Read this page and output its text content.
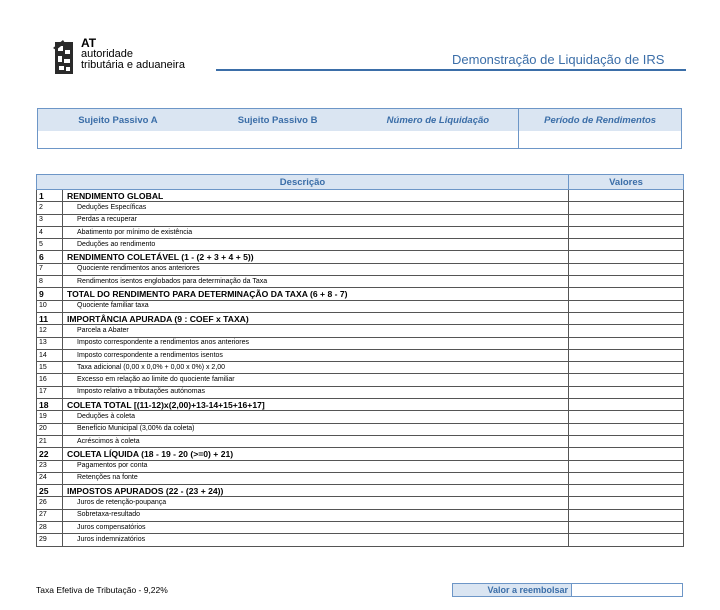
AT
autoridade
tributária e aduaneira	Demonstração de Liquidação de IRS
Sujeito Passivo A	Sujeito Passivo B	Número de Liquidação	Período de Rendimentos
Descrição		Valores
1	RENDIMENTO GLOBAL	
2	Deduções Específicas	
3	Perdas a recuperar	
4	Abatimento por mínimo de existência	
5	Deduções ao rendimento	
6	RENDIMENTO COLETÁVEL (1 - (2 + 3 + 4 + 5))	
7	Quociente rendimentos anos anteriores	
8	Rendimentos isentos englobados para determinação da Taxa	
9	TOTAL DO RENDIMENTO PARA DETERMINAÇÃO DA TAXA (6 + 8 - 7)	
10	Quociente familiar taxa	
11	IMPORTÂNCIA APURADA (9 : COEF x TAXA)	
12	Parcela a Abater	
13	Imposto correspondente a rendimentos anos anteriores	
14	Imposto correspondente a rendimentos isentos	
15	Taxa adicional (0,00 x 0,0% + 0,00 x 0%) x 2,00	
16	Excesso em relação ao limite do quociente familiar	
17	Imposto relativo a tributações autónomas	
18	COLETA TOTAL [(11-12)x(2,00)+13-14+15+16+17]	
19	Deduções à coleta	
20	Benefício Municipal (3,00% da coleta)	
21	Acréscimos à coleta	
22	COLETA LÍQUIDA (18 - 19 - 20 (>=0) + 21)	
23	Pagamentos por conta	
24	Retenções na fonte	
25	IMPOSTOS APURADOS (22 - (23 + 24))	
26	Juros de retenção-poupança	
27	Sobretaxa-resultado	
28	Juros compensatórios	
29	Juros indemnizatórios	
Taxa Efetiva de Tributação - 9,22%	Valor a reembolsar
